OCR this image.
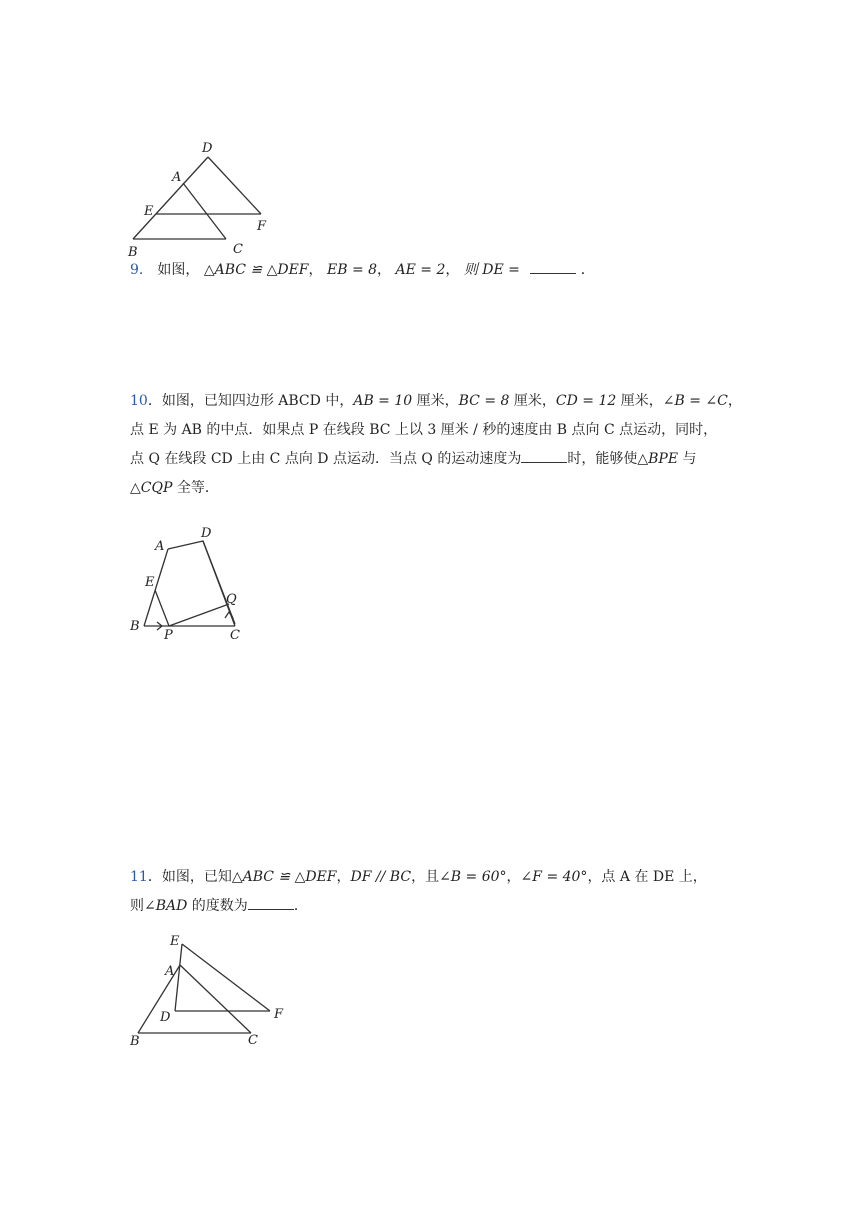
D
A
E
F
B	C

9． 如图， △ABC ≌ △DEF， EB = 8， AE = 2， 则 DE =	．

10．如图，已知四边形 ABCD 中，AB = 10 厘米，BC = 8 厘米，CD = 12 厘米，∠B = ∠C，

点 E 为 AB 的中点．如果点 P 在线段 BC 上以 3 厘米 / 秒的速度由 B 点向 C 点运动，同时，

点 Q 在线段 CD 上由 C 点向 D 点运动．当点 Q 的运动速度为	时，能够使△BPE 与

△CQP 全等．

A
D
E
Q
B
P	C

11．如图，已知△ABC ≌ △DEF，DF // BC，且∠B = 60°，∠F = 40°，点 A 在 DE 上，

则∠BAD 的度数为	．

E
A
D	F
B	C
